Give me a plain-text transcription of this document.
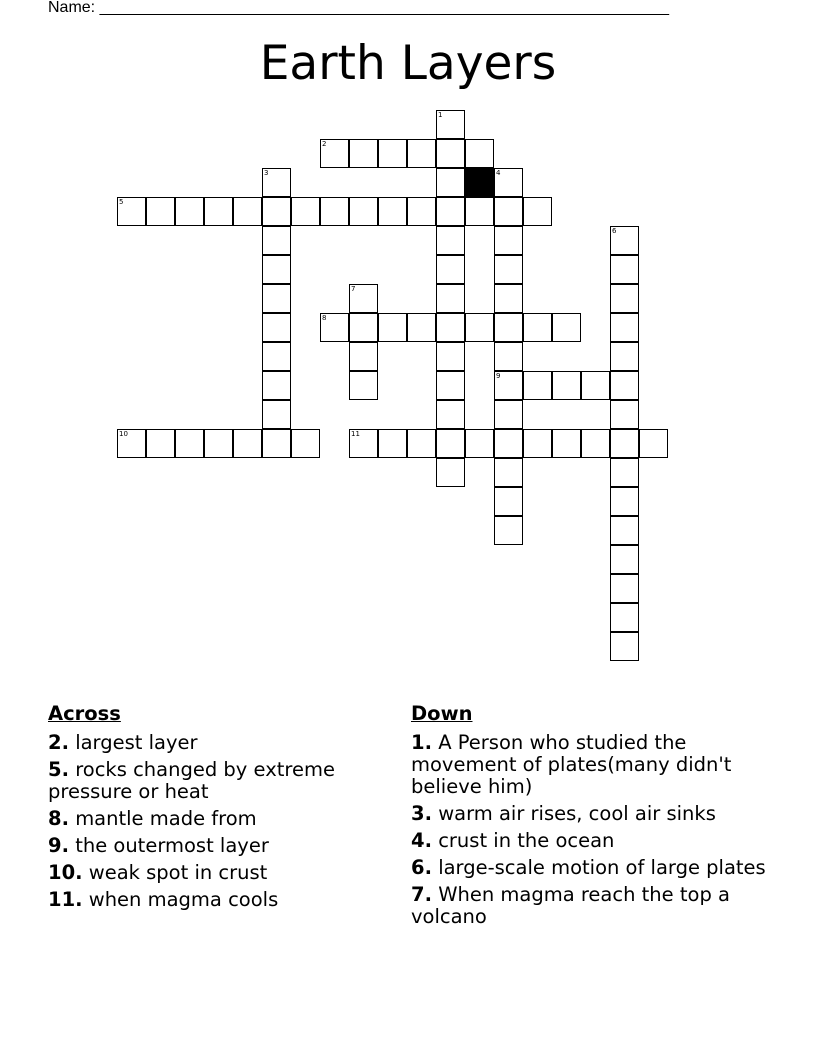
Name: ________________________________________________________________
Earth Layers
1
2
3	4
9
5
6
7
8
10	11
Across
2. largest layer
5. rocks changed by extreme pressure or heat
8. mantle made from
9. the outermost layer
10. weak spot in crust
11. when magma cools
Down
1. A Person who studied the movement of plates(many didn't believe him)
3. warm air rises, cool air sinks
4. crust in the ocean
6. large-scale motion of large plates
7. When magma reach the top a volcano
